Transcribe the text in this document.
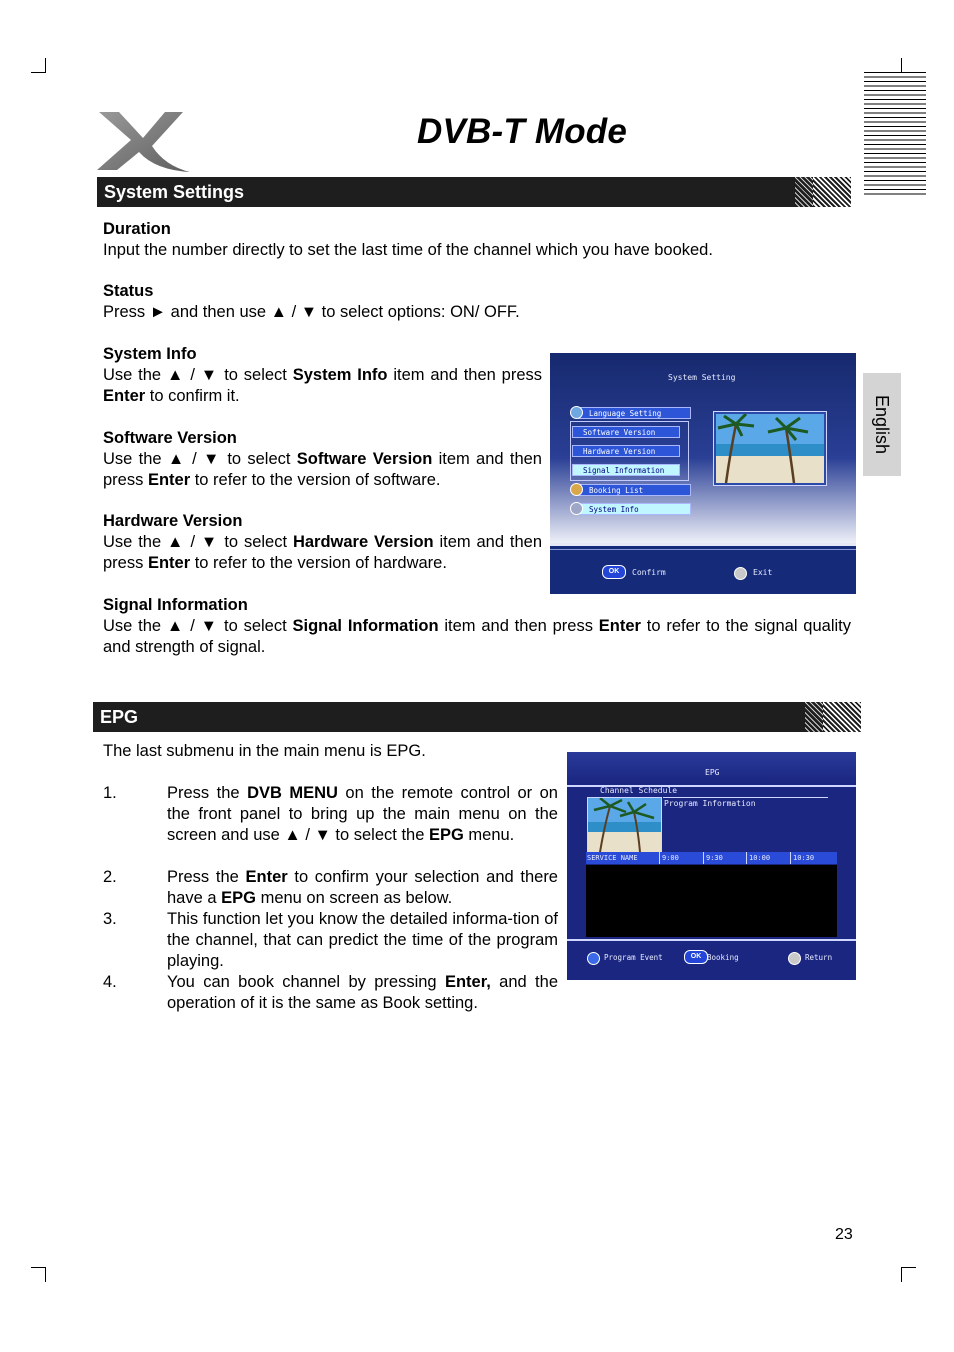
DVB-T Mode
English
System Settings
Duration
Input the number directly to set the last time of the channel which you have booked.
Status
Press ► and then use ▲ / ▼ to select options: ON/ OFF.
System Info
Use the ▲ / ▼ to select System Info item and then press Enter to confirm it.
Software Version
Use the ▲ / ▼ to select Software Version item and then press Enter to refer to the version of software.
Hardware Version
Use the ▲ / ▼ to select Hardware Version item and then press Enter to refer to the version of hardware.
Signal Information
Use the ▲ / ▼ to select Signal Information item and then press Enter to refer to the signal quality and strength of signal.
System Setting
Language Setting
Software Version
Hardware Version
Signal Information
Booking List
System Info
OK	Confirm	Exit
EPG
The last submenu in the main menu is EPG.
1.	Press the DVB MENU on the remote control or on the front panel to bring up the main menu on the screen and use ▲ / ▼ to select the EPG menu.
2.	Press the Enter to confirm your selection and there have a EPG menu on screen as below.
3.	This function let you know the detailed informa-tion of the channel, that can predict the time of the program playing.
4.	You can book channel by pressing Enter, and the operation of it is the same as Book setting.
EPG
Channel Schedule
Program Information
SERVICE NAME	9:00	9:30	10:00	10:30
Program Event	OK Booking	Return
23
